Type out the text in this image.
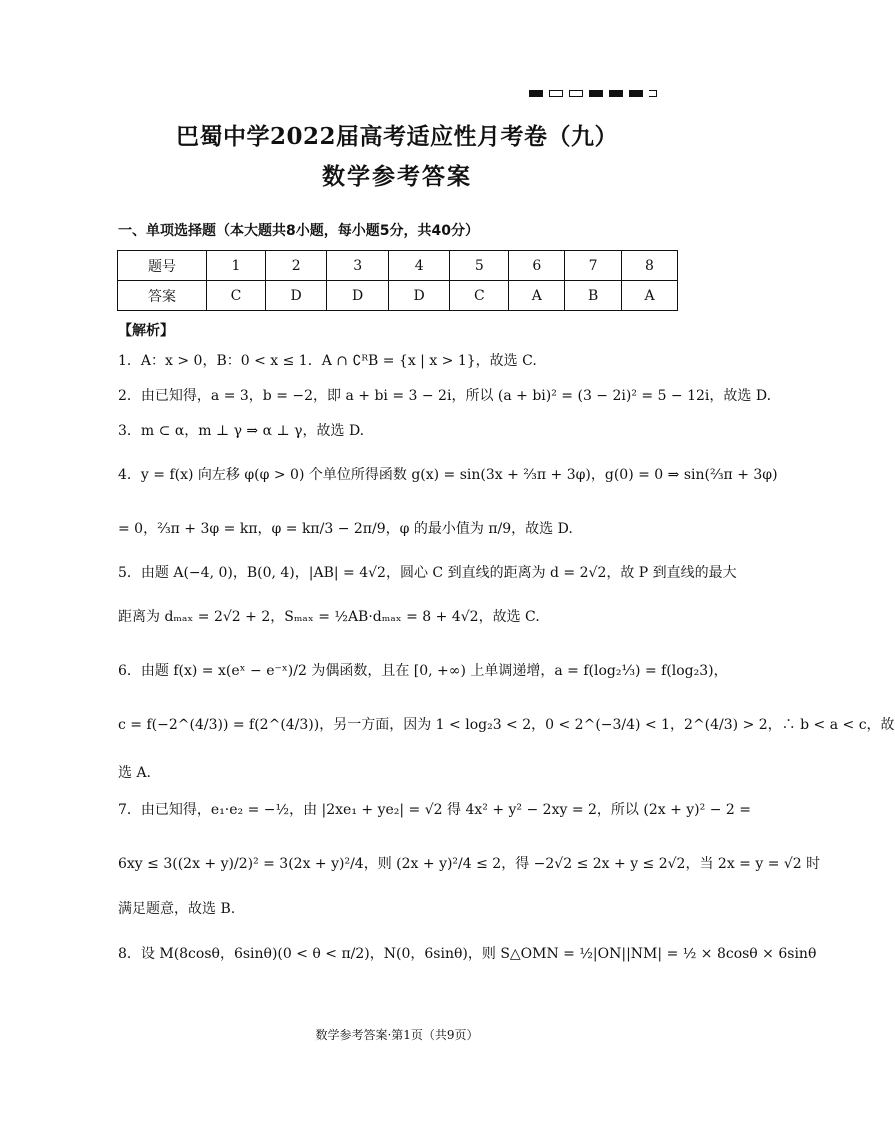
巴蜀中学2022届高考适应性月考卷（九）
数学参考答案
一、单项选择题（本大题共8小题，每小题5分，共40分）
题号	1	2	3	4	5	6	7	8
答案	C	D	D	D	C	A	B	A
【解析】
1．A：x > 0，B：0 < x ≤ 1．A ∩ ∁ᴿB = {x | x > 1}，故选 C.
2．由已知得，a = 3，b = −2，即 a + bi = 3 − 2i，所以 (a + bi)² = (3 − 2i)² = 5 − 12i，故选 D.
3．m ⊂ α，m ⊥ γ ⇒ α ⊥ γ，故选 D.
4．y = f(x) 向左移 φ(φ > 0) 个单位所得函数 g(x) = sin(3x + ⅔π + 3φ)，g(0) = 0 ⇒ sin(⅔π + 3φ)
= 0，⅔π + 3φ = kπ，φ = kπ/3 − 2π/9，φ 的最小值为 π/9，故选 D.
5．由题 A(−4, 0)，B(0, 4)，|AB| = 4√2，圆心 C 到直线的距离为 d = 2√2，故 P 到直线的最大
距离为 dₘₐₓ = 2√2 + 2，Sₘₐₓ = ½AB·dₘₐₓ = 8 + 4√2，故选 C.
6．由题 f(x) = x(eˣ − e⁻ˣ)/2 为偶函数，且在 [0, +∞) 上单调递增，a = f(log₂⅓) = f(log₂3)，
c = f(−2^(4/3)) = f(2^(4/3))，另一方面，因为 1 < log₂3 < 2，0 < 2^(−3/4) < 1，2^(4/3) > 2，∴ b < a < c，故
选 A.
7．由已知得，e₁·e₂ = −½，由 |2xe₁ + ye₂| = √2 得 4x² + y² − 2xy = 2，所以 (2x + y)² − 2 =
6xy ≤ 3((2x + y)/2)² = 3(2x + y)²/4，则 (2x + y)²/4 ≤ 2，得 −2√2 ≤ 2x + y ≤ 2√2，当 2x = y = √2 时
满足题意，故选 B.
8．设 M(8cosθ，6sinθ)(0 < θ < π/2)，N(0，6sinθ)，则 S△OMN = ½|ON||NM| = ½ × 8cosθ × 6sinθ
数学参考答案·第1页（共9页）
